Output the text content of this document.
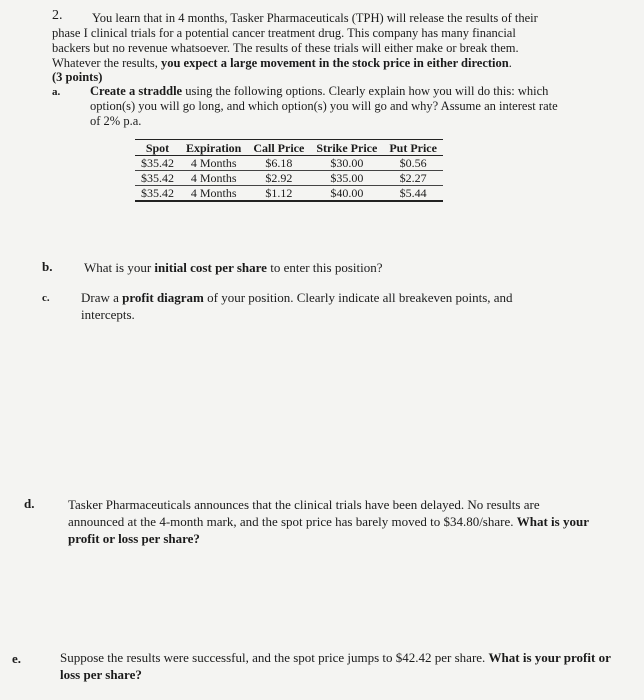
2.	You learn that in 4 months, Tasker Pharmaceuticals (TPH) will release the results of their phase I clinical trials for a potential cancer treatment drug. This company has many financial backers but no revenue whatsoever. The results of these trials will either make or break them. Whatever the results, you expect a large movement in the stock price in either direction.
(3 points)
a. Create a straddle using the following options. Clearly explain how you will do this: which option(s) you will go long, and which option(s) you will go and why? Assume an interest rate of 2% p.a.
Spot	Expiration	Call Price	Strike Price	Put Price
$35.42	4 Months	$6.18	$30.00	$0.56
$35.42	4 Months	$2.92	$35.00	$2.27
$35.42	4 Months	$1.12	$40.00	$5.44
b. What is your initial cost per share to enter this position?
c. Draw a profit diagram of your position. Clearly indicate all breakeven points, and intercepts.
d.	Tasker Pharmaceuticals announces that the clinical trials have been delayed. No results are announced at the 4-month mark, and the spot price has barely moved to $34.80/share. What is your profit or loss per share?
e.	Suppose the results were successful, and the spot price jumps to $42.42 per share. What is your profit or loss per share?
